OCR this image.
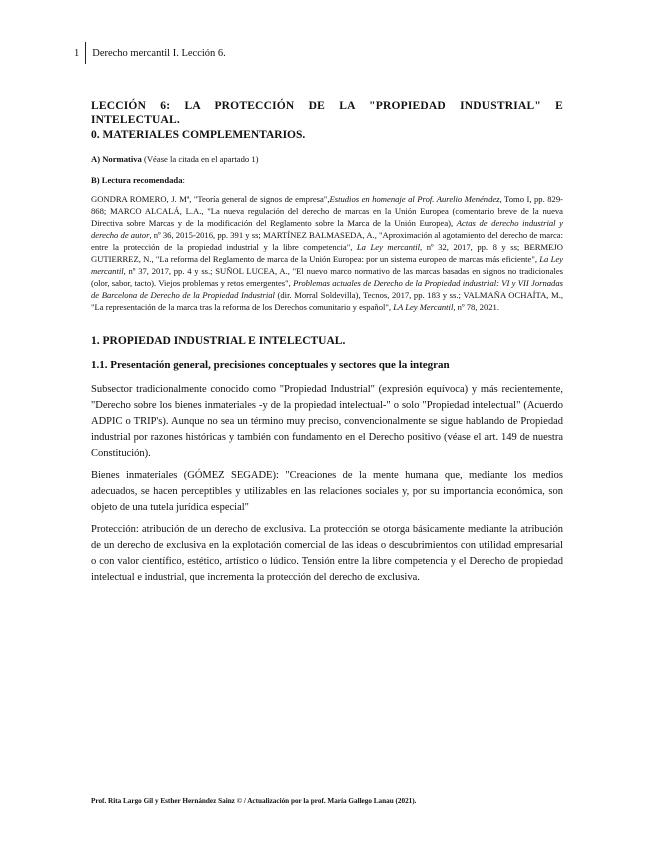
1	Derecho mercantil I. Lección 6.
LECCIÓN 6: LA PROTECCIÓN DE LA "PROPIEDAD INDUSTRIAL" E
INTELECTUAL.
0. MATERIALES COMPLEMENTARIOS.
A) Normativa (Véase la citada en el apartado 1)
B) Lectura recomendada:
GONDRA ROMERO, J. Mª, "Teoría general de signos de empresa",Estudios en homenaje al Prof. Aurelio Menéndez, Tomo I, pp. 829-868; MARCO ALCALÁ, L.A., "La nueva regulación del derecho de marcas en la Unión Europea (comentario breve de la nueva Directiva sobre Marcas y de la modificación del Reglamento sobre la Marca de la Unión Europea), Actas de derecho industrial y derecho de autor, nº 36, 2015-2016, pp. 391 y ss; MARTÍNEZ BALMASEDA, A., "Aproximación al agotamiento del derecho de marca: entre la protección de la propiedad industrial y la libre competencia", La Ley mercantil, nº 32, 2017, pp. 8 y ss; BERMEJO GUTIERREZ, N., "La reforma del Reglamento de marca de la Unión Europea: por un sistema europeo de marcas más eficiente", La Ley mercantil, nº 37, 2017, pp. 4 y ss.; SUÑOL LUCEA, A., "El nuevo marco normativo de las marcas basadas en signos no tradicionales (olor, sabor, tacto). Viejos problemas y retos emergentes", Problemas actuales de Derecho de la Propiedad industrial: VI y VII Jornadas de Barcelona de Derecho de la Propiedad Industrial (dir. Morral Soldevilla), Tecnos, 2017, pp. 183 y ss.; VALMAÑA OCHAÍTA, M., "La representación de la marca tras la reforma de los Derechos comunitario y español", LA Ley Mercantil, nº 78, 2021.
1. PROPIEDAD INDUSTRIAL E INTELECTUAL.
1.1. Presentación general, precisiones conceptuales y sectores que la integran
Subsector tradicionalmente conocido como "Propiedad Industrial" (expresión equívoca) y más recientemente, "Derecho sobre los bienes inmateriales -y de la propiedad intelectual-" o solo "Propiedad intelectual" (Acuerdo ADPIC o TRIP's). Aunque no sea un término muy preciso, convencionalmente se sigue hablando de Propiedad industrial por razones históricas y también con fundamento en el Derecho positivo (véase el art. 149 de nuestra Constitución).
Bienes inmateriales (GÓMEZ SEGADE): "Creaciones de la mente humana que, mediante los medios adecuados, se hacen perceptibles y utilizables en las relaciones sociales y, por su importancia económica, son objeto de una tutela jurídica especial"
Protección: atribución de un derecho de exclusiva. La protección se otorga básicamente mediante la atribución de un derecho de exclusiva en la explotación comercial de las ideas o descubrimientos con utilidad empresarial o con valor científico, estético, artístico o lúdico. Tensión entre la libre competencia y el Derecho de propiedad intelectual e industrial, que incrementa la protección del derecho de exclusiva.
Prof. Rita Largo Gil y Esther Hernández Sainz © / Actualización por la prof. María Gallego Lanau (2021).
